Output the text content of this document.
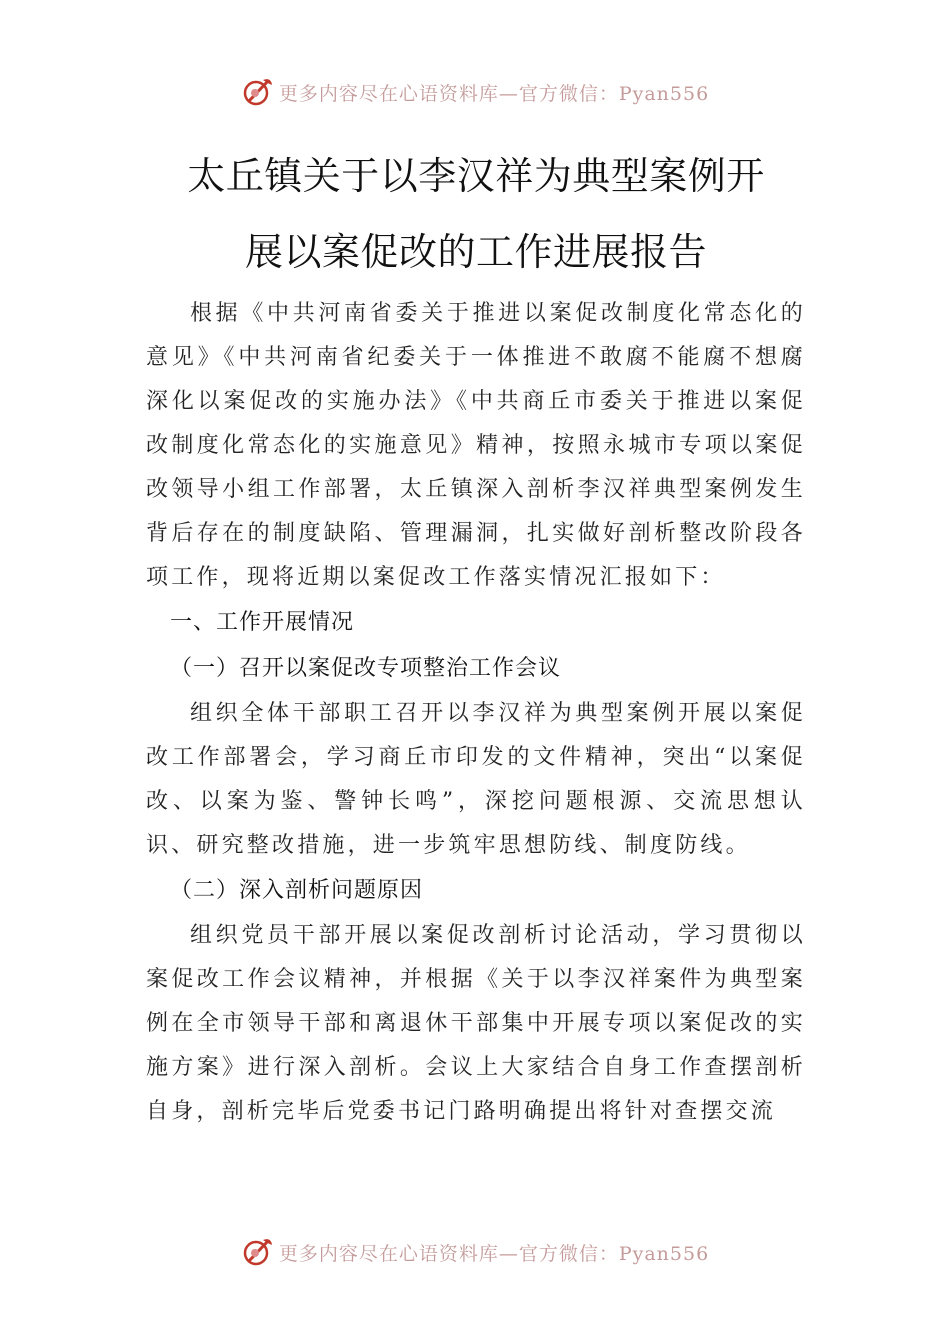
更多内容尽在心语资料库—官方微信：Pyan556
太丘镇关于以李汉祥为典型案例开
展以案促改的工作进展报告

根据《中共河南省委关于推进以案促改制度化常态化的意见》《中共河南省纪委关于一体推进不敢腐不能腐不想腐深化以案促改的实施办法》《中共商丘市委关于推进以案促改制度化常态化的实施意见》精神，按照永城市专项以案促改领导小组工作部署，太丘镇深入剖析李汉祥典型案例发生背后存在的制度缺陷、管理漏洞，扎实做好剖析整改阶段各项工作，现将近期以案促改工作落实情况汇报如下：

一、工作开展情况
（一）召开以案促改专项整治工作会议

组织全体干部职工召开以李汉祥为典型案例开展以案促改工作部署会，学习商丘市印发的文件精神，突出“以案促改、以案为鉴、警钟长鸣”，深挖问题根源、交流思想认识、研究整改措施，进一步筑牢思想防线、制度防线。

（二）深入剖析问题原因

组织党员干部开展以案促改剖析讨论活动，学习贯彻以案促改工作会议精神，并根据《关于以李汉祥案件为典型案例在全市领导干部和离退休干部集中开展专项以案促改的实施方案》进行深入剖析。会议上大家结合自身工作查摆剖析自身，剖析完毕后党委书记门路明确提出将针对查摆交流

更多内容尽在心语资料库—官方微信：Pyan556
